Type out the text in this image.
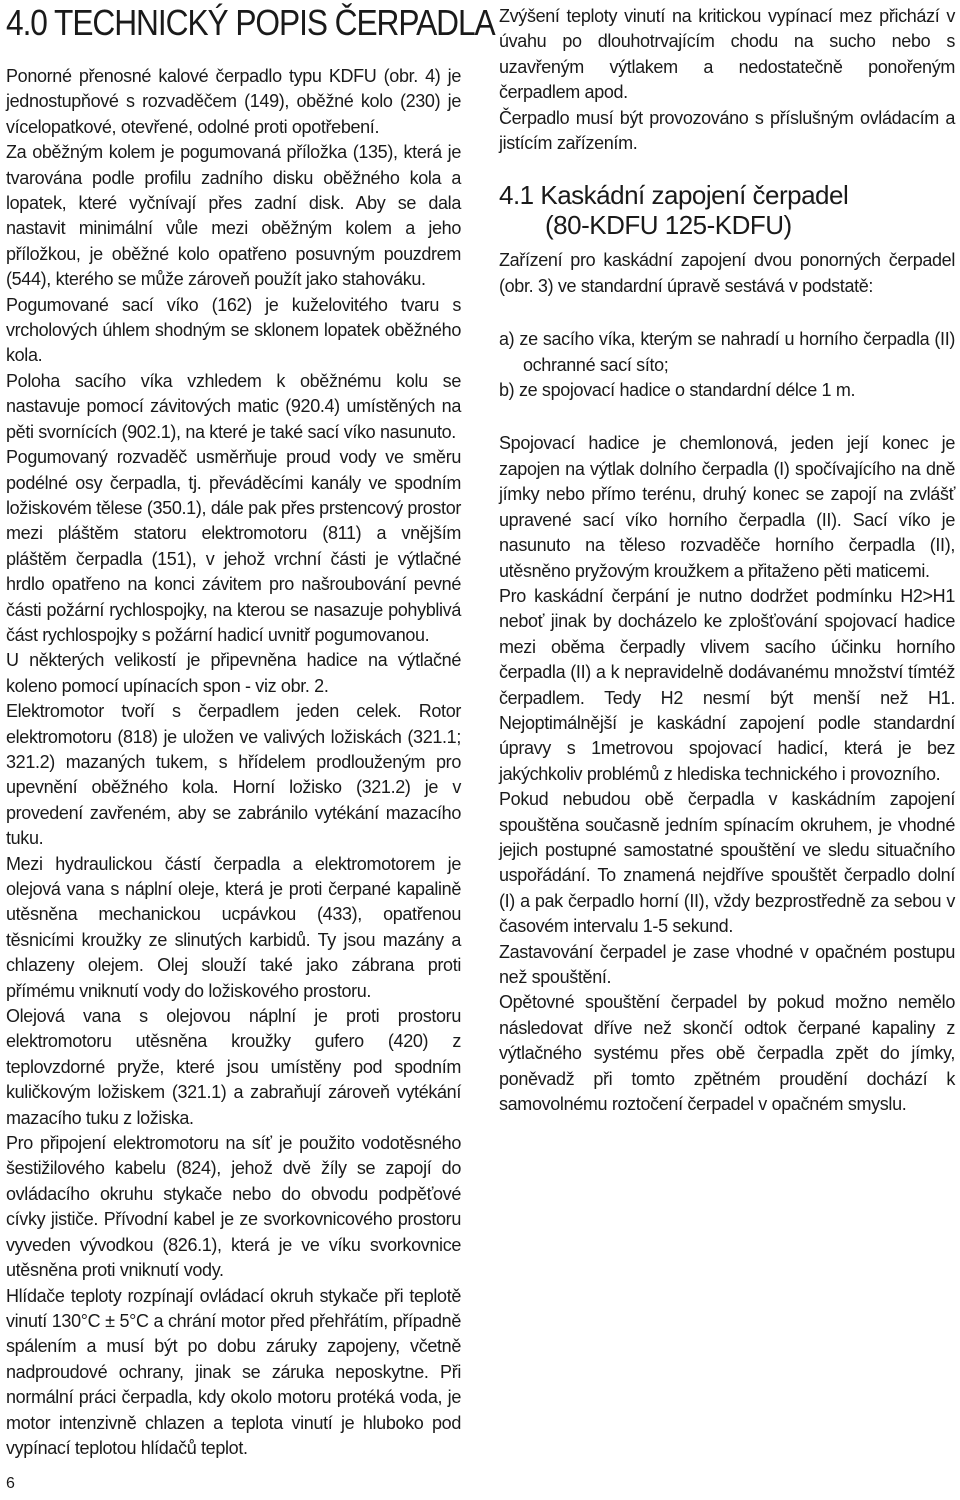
4.0 TECHNICKÝ POPIS ČERPADLA

Ponorné přenosné kalové čerpadlo typu KDFU (obr. 4) je jednostupňové s rozvaděčem (149), oběžné kolo (230) je vícelopatkové, otevřené, odolné proti opotřebení.

Za oběžným kolem je pogumovaná příložka (135), která je tvarována podle profilu zadního disku oběžného kola a lopatek, které vyčnívají přes zadní disk. Aby se dala nastavit minimální vůle mezi oběžným kolem a jeho příložkou, je oběžné kolo opatřeno posuvným pouzdrem (544), kterého se může zároveň použít jako stahováku.

Pogumované sací víko (162) je kuželovitého tvaru s vrcholových úhlem shodným se sklonem lopatek oběžného kola.

Poloha sacího víka vzhledem k oběžnému kolu se nastavuje pomocí závitových matic (920.4) umístěných na pěti svornících (902.1), na které je také sací víko nasunuto.

Pogumovaný rozvaděč usměrňuje proud vody ve směru podélné osy čerpadla, tj. převáděcími kanály ve spodním ložiskovém tělese (350.1), dále pak přes prstencový prostor mezi pláštěm statoru elektromotoru (811) a vnějším pláštěm čerpadla (151), v jehož vrchní části je výtlačné hrdlo opatřeno na konci závitem pro našroubování pevné části požární rychlospojky, na kterou se nasazuje pohyblivá část rychlospojky s požární hadicí uvnitř pogumovanou.

U některých velikostí je připevněna hadice na výtlačné koleno pomocí upínacích spon - viz obr. 2.

Elektromotor tvoří s čerpadlem jeden celek. Rotor elektromotoru (818) je uložen ve valivých ložiskách (321.1; 321.2) mazaných tukem, s hřídelem prodlouženým pro upevnění oběžného kola. Horní ložisko (321.2) je v provedení zavřeném, aby se zabránilo vytékání mazacího tuku.

Mezi hydraulickou částí čerpadla a elektromotorem je olejová vana s náplní oleje, která je proti čerpané kapalině utěsněna mechanickou ucpávkou (433), opatřenou těsnicími kroužky ze slinutých karbidů. Ty jsou mazány a chlazeny olejem. Olej slouží také jako zábrana proti přímému vniknutí vody do ložiskového prostoru.

Olejová vana s olejovou náplní je proti prostoru elektromotoru utěsněna kroužky gufero (420) z teplovzdorné pryže, které jsou umístěny pod spodním kuličkovým ložiskem (321.1) a zabraňují zároveň vytékání mazacího tuku z ložiska.

Pro připojení elektromotoru na síť je použito vodotěsného šestižilového kabelu (824), jehož dvě žíly se zapojí do ovládacího okruhu stykače nebo do obvodu podpěťové cívky jističe. Přívodní kabel je ze svorkovnicového prostoru vyveden vývodkou (826.1), která je ve víku svorkovnice utěsněna proti vniknutí vody.

Hlídače teploty rozpínají ovládací okruh stykače při teplotě vinutí 130°C ± 5°C a chrání motor před přehřátím, případně spálením a musí být po dobu záruky zapojeny, včetně nadproudové ochrany, jinak se záruka neposkytne. Při normální práci čerpadla, kdy okolo motoru protéká voda, je motor intenzivně chlazen a teplota vinutí je hluboko pod vypínací teplotou hlídačů teplot.

Zvýšení teploty vinutí na kritickou vypínací mez přichází v úvahu po dlouhotrvajícím chodu na sucho nebo s uzavřeným výtlakem a nedostatečně ponořeným čerpadlem apod.

Čerpadlo musí být provozováno s příslušným ovládacím a jistícím zařízením.

4.1 Kaskádní zapojení čerpadel
(80-KDFU 125-KDFU)

Zařízení pro kaskádní zapojení dvou ponorných čerpadel (obr. 3) ve standardní úpravě sestává v podstatě:

a) ze sacího víka, kterým se nahradí u horního čerpadla (II) ochranné sací síto;
b) ze spojovací hadice o standardní délce 1 m.

Spojovací hadice je chemlonová, jeden její konec je zapojen na výtlak dolního čerpadla (I) spočívajícího na dně jímky nebo přímo terénu, druhý konec se zapojí na zvlášť upravené sací víko horního čerpadla (II). Sací víko je nasunuto na těleso rozvaděče horního čerpadla (II), utěsněno pryžovým kroužkem a přitaženo pěti maticemi.

Pro kaskádní čerpání je nutno dodržet podmínku H2>H1 neboť jinak by docházelo ke zplošťování spojovací hadice mezi oběma čerpadly vlivem sacího účinku horního čerpadla (II) a k nepravidelně dodávanému množství tímtéž čerpadlem. Tedy H2 nesmí být menší než H1. Nejoptimálnější je kaskádní zapojení podle standardní úpravy s 1metrovou spojovací hadicí, která je bez jakýchkoliv problémů z hlediska technického i provozního.

Pokud nebudou obě čerpadla v kaskádním zapojení spouštěna současně jedním spínacím okruhem, je vhodné jejich postupné samostatné spouštění ve sledu situačního uspořádání. To znamená nejdříve spouštět čerpadlo dolní (I) a pak čerpadlo horní (II), vždy bezprostředně za sebou v časovém intervalu 1-5 sekund.

Zastavování čerpadel je zase vhodné v opačném postupu než spouštění.

Opětovné spouštění čerpadel by pokud možno nemělo následovat dříve než skončí odtok čerpané kapaliny z výtlačného systému přes obě čerpadla zpět do jímky, poněvadž při tomto zpětném proudění dochází k samovolnému roztočení čerpadel v opačném smyslu.

6
